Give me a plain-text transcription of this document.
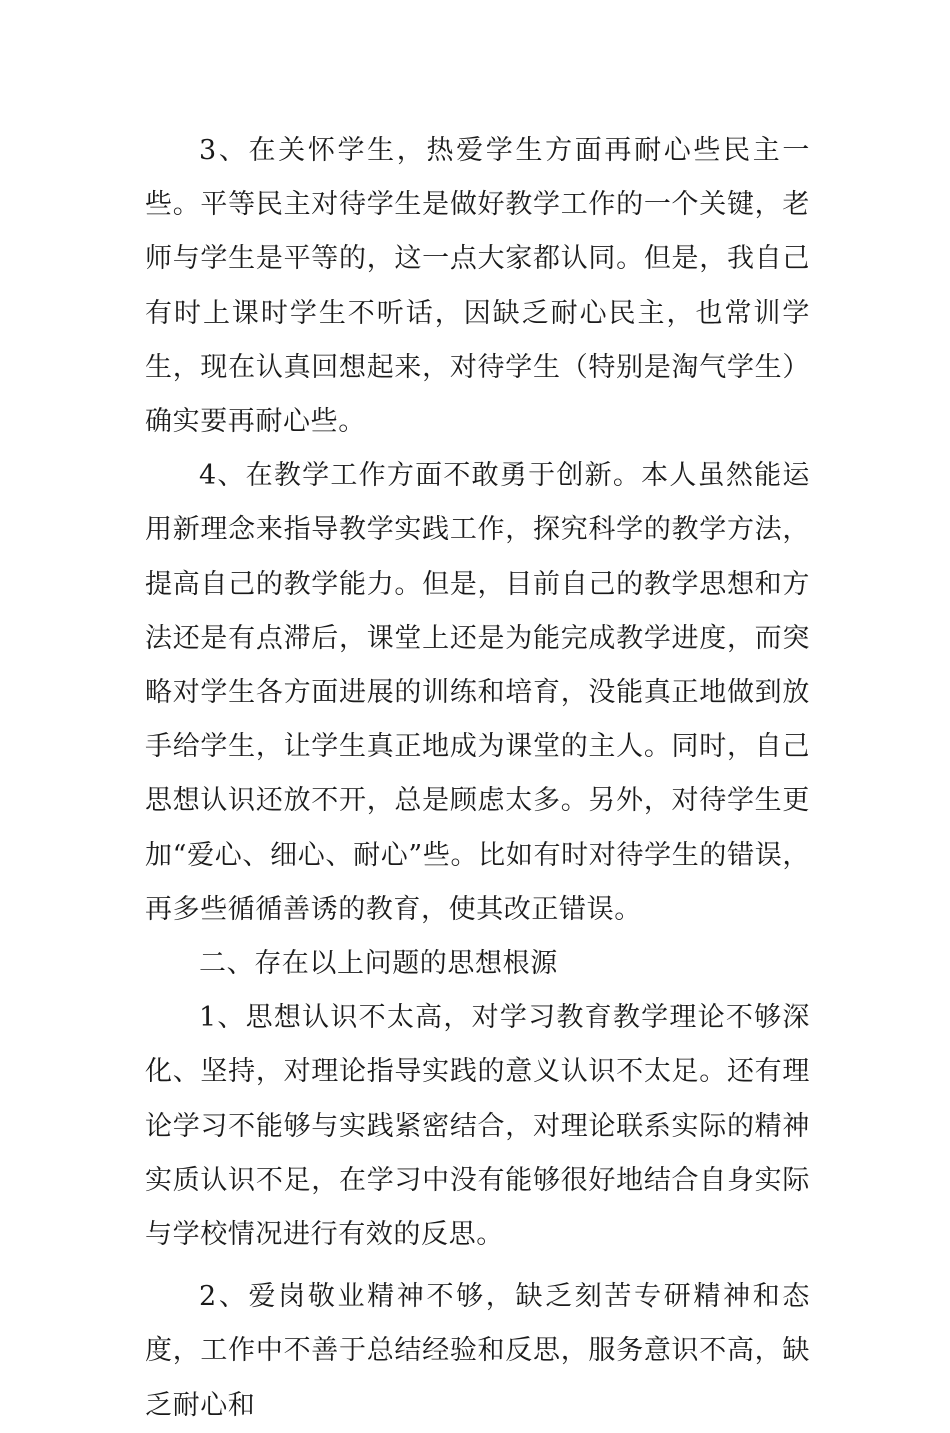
3、在关怀学生，热爱学生方面再耐心些民主一些。平等民主对待学生是做好教学工作的一个关键，老师与学生是平等的，这一点大家都认同。但是，我自己有时上课时学生不听话，因缺乏耐心民主，也常训学生，现在认真回想起来，对待学生（特别是淘气学生）确实要再耐心些。

4、在教学工作方面不敢勇于创新。本人虽然能运用新理念来指导教学实践工作，探究科学的教学方法，提高自己的教学能力。但是，目前自己的教学思想和方法还是有点滞后，课堂上还是为能完成教学进度，而突略对学生各方面进展的训练和培育，没能真正地做到放手给学生，让学生真正地成为课堂的主人。同时，自己思想认识还放不开，总是顾虑太多。另外，对待学生更加“爱心、细心、耐心”些。比如有时对待学生的错误，再多些循循善诱的教育，使其改正错误。

二、存在以上问题的思想根源

1、思想认识不太高，对学习教育教学理论不够深化、坚持，对理论指导实践的意义认识不太足。还有理论学习不能够与实践紧密结合，对理论联系实际的精神实质认识不足，在学习中没有能够很好地结合自身实际与学校情况进行有效的反思。

2、爱岗敬业精神不够，缺乏刻苦专研精神和态度，工作中不善于总结经验和反思，服务意识不高，缺乏耐心和
